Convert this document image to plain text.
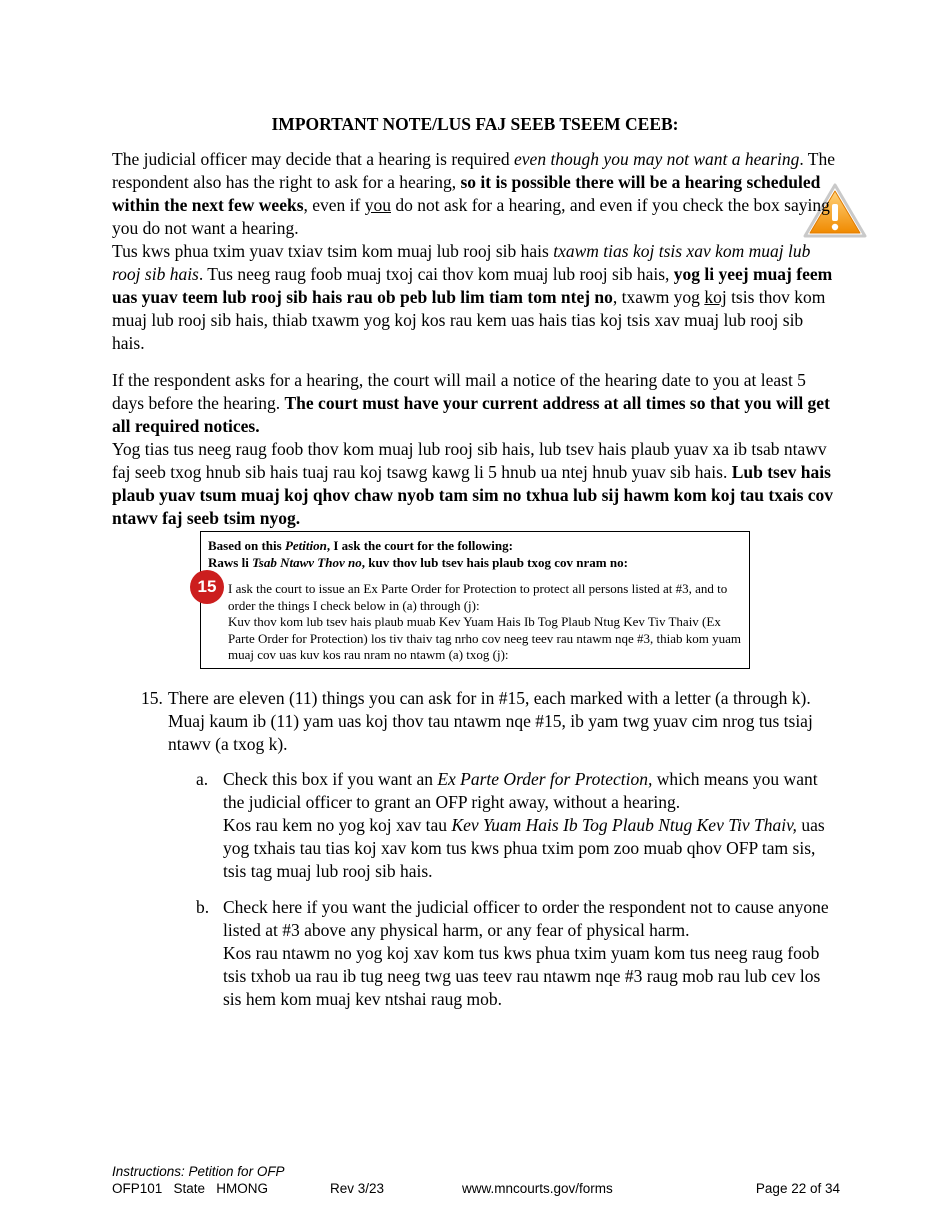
IMPORTANT NOTE/LUS FAJ SEEB TSEEM CEEB:
The judicial officer may decide that a hearing is required even though you may not want a hearing. The respondent also has the right to ask for a hearing, so it is possible there will be a hearing scheduled within the next few weeks, even if you do not ask for a hearing, and even if you check the box saying you do not want a hearing.
Tus kws phua txim yuav txiav tsim kom muaj lub rooj sib hais txawm tias koj tsis xav kom muaj lub rooj sib hais. Tus neeg raug foob muaj txoj cai thov kom muaj lub rooj sib hais, yog li yeej muaj feem uas yuav teem lub rooj sib hais rau ob peb lub lim tiam tom ntej no, txawm yog koj tsis thov kom muaj lub rooj sib hais, thiab txawm yog koj kos rau kem uas hais tias koj tsis xav muaj lub rooj sib hais.
If the respondent asks for a hearing, the court will mail a notice of the hearing date to you at least 5 days before the hearing. The court must have your current address at all times so that you will get all required notices.
Yog tias tus neeg raug foob thov kom muaj lub rooj sib hais, lub tsev hais plaub yuav xa ib tsab ntawv faj seeb txog hnub sib hais tuaj rau koj tsawg kawg li 5 hnub ua ntej hnub yuav sib hais. Lub tsev hais plaub yuav tsum muaj koj qhov chaw nyob tam sim no txhua lub sij hawm kom koj tau txais cov ntawv faj seeb tsim nyog.
Based on this Petition, I ask the court for the following:
Raws li Tsab Ntawv Thov no, kuv thov lub tsev hais plaub txog cov nram no:
I ask the court to issue an Ex Parte Order for Protection to protect all persons listed at #3, and to order the things I check below in (a) through (j):
Kuv thov kom lub tsev hais plaub muab Kev Yuam Hais Ib Tog Plaub Ntug Kev Tiv Thaiv (Ex Parte Order for Protection) los tiv thaiv tag nrho cov neeg teev rau ntawm nqe #3, thiab kom yuam muaj cov uas kuv kos rau nram no ntawm (a) txog (j):
15
15. There are eleven (11) things you can ask for in #15, each marked with a letter (a through k). Muaj kaum ib (11) yam uas koj thov tau ntawm nqe #15, ib yam twg yuav cim nrog tus tsiaj ntawv (a txog k).
a. Check this box if you want an Ex Parte Order for Protection, which means you want the judicial officer to grant an OFP right away, without a hearing.
Kos rau kem no yog koj xav tau Kev Yuam Hais Ib Tog Plaub Ntug Kev Tiv Thaiv, uas yog txhais tau tias koj xav kom tus kws phua txim pom zoo muab qhov OFP tam sis, tsis tag muaj lub rooj sib hais.
b. Check here if you want the judicial officer to order the respondent not to cause anyone listed at #3 above any physical harm, or any fear of physical harm.
Kos rau ntawm no yog koj xav kom tus kws phua txim yuam kom tus neeg raug foob tsis txhob ua rau ib tug neeg twg uas teev rau ntawm nqe #3 raug mob rau lub cev los sis hem kom muaj kev ntshai raug mob.
Instructions: Petition for OFP
OFP101   State   HMONG	Rev 3/23	www.mncourts.gov/forms	Page 22 of 34
